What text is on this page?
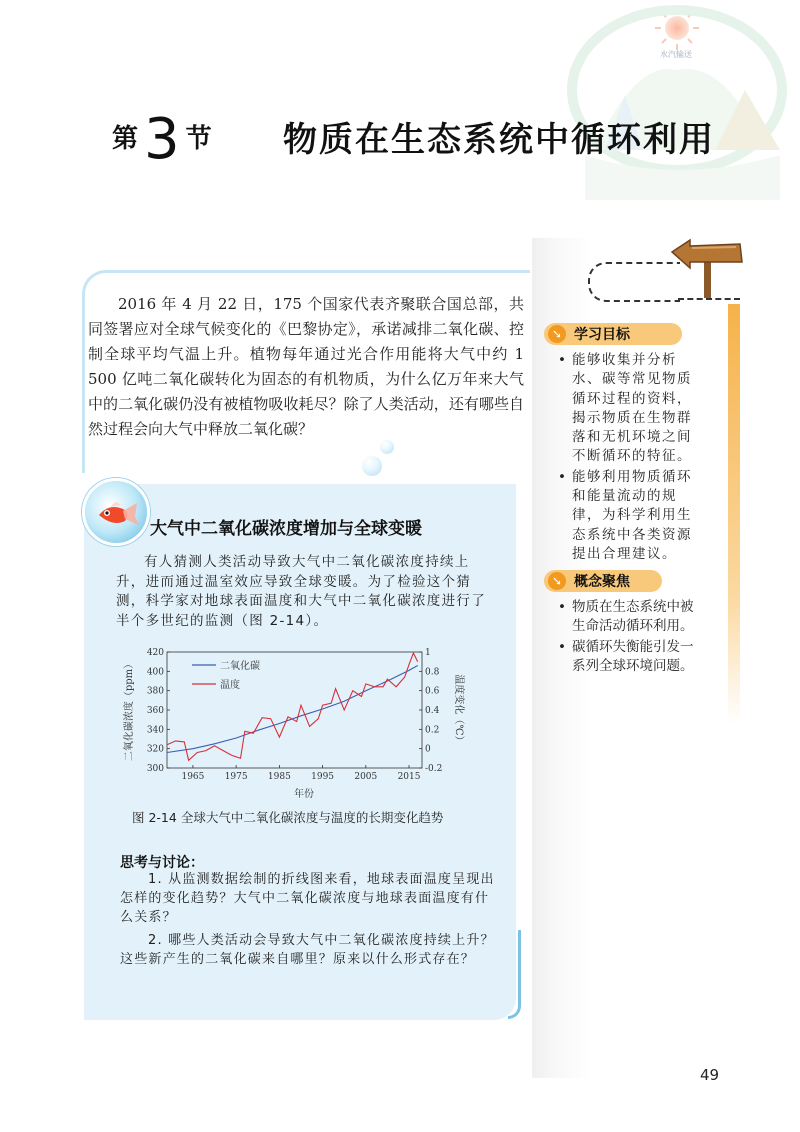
水汽输送
第 3 节 物质在生态系统中循环利用
➘ 学习目标
• 能够收集并分析水、碳等常见物质循环过程的资料，揭示物质在生物群落和无机环境之间不断循环的特征。
• 能够利用物质循环和能量流动的规律，为科学利用生态系统中各类资源提出合理建议。
➘ 概念聚焦
• 物质在生态系统中被生命活动循环利用。
• 碳循环失衡能引发一系列全球环境问题。

2016 年 4 月 22 日，175 个国家代表齐聚联合国总部，共同签署应对全球气候变化的《巴黎协定》，承诺减排二氧化碳、控制全球平均气温上升。植物每年通过光合作用能将大气中约 1 500 亿吨二氧化碳转化为固态的有机物质，为什么亿万年来大气中的二氧化碳仍没有被植物吸收耗尽？除了人类活动，还有哪些自然过程会向大气中释放二氧化碳？

大气中二氧化碳浓度增加与全球变暖

有人猜测人类活动导致大气中二氧化碳浓度持续上升，进而通过温室效应导致全球变暖。为了检验这个猜测，科学家对地球表面温度和大气中二氧化碳浓度进行了半个多世纪的监测（图 2-14）。

1965 1975 1985 1995 2005 2015
300
320
340
360
380
400
420
-0.2
0
0.2
0.4
0.6
0.8
1
二氧化碳浓度（ppm）	温度变化（℃）
年份
二氧化碳
温度
图 2-14 全球大气中二氧化碳浓度与温度的长期变化趋势
思考与讨论：

1. 从监测数据绘制的折线图来看，地球表面温度呈现出怎样的变化趋势？大气中二氧化碳浓度与地球表面温度有什么关系？

2. 哪些人类活动会导致大气中二氧化碳浓度持续上升？这些新产生的二氧化碳来自哪里？原来以什么形式存在？

49
